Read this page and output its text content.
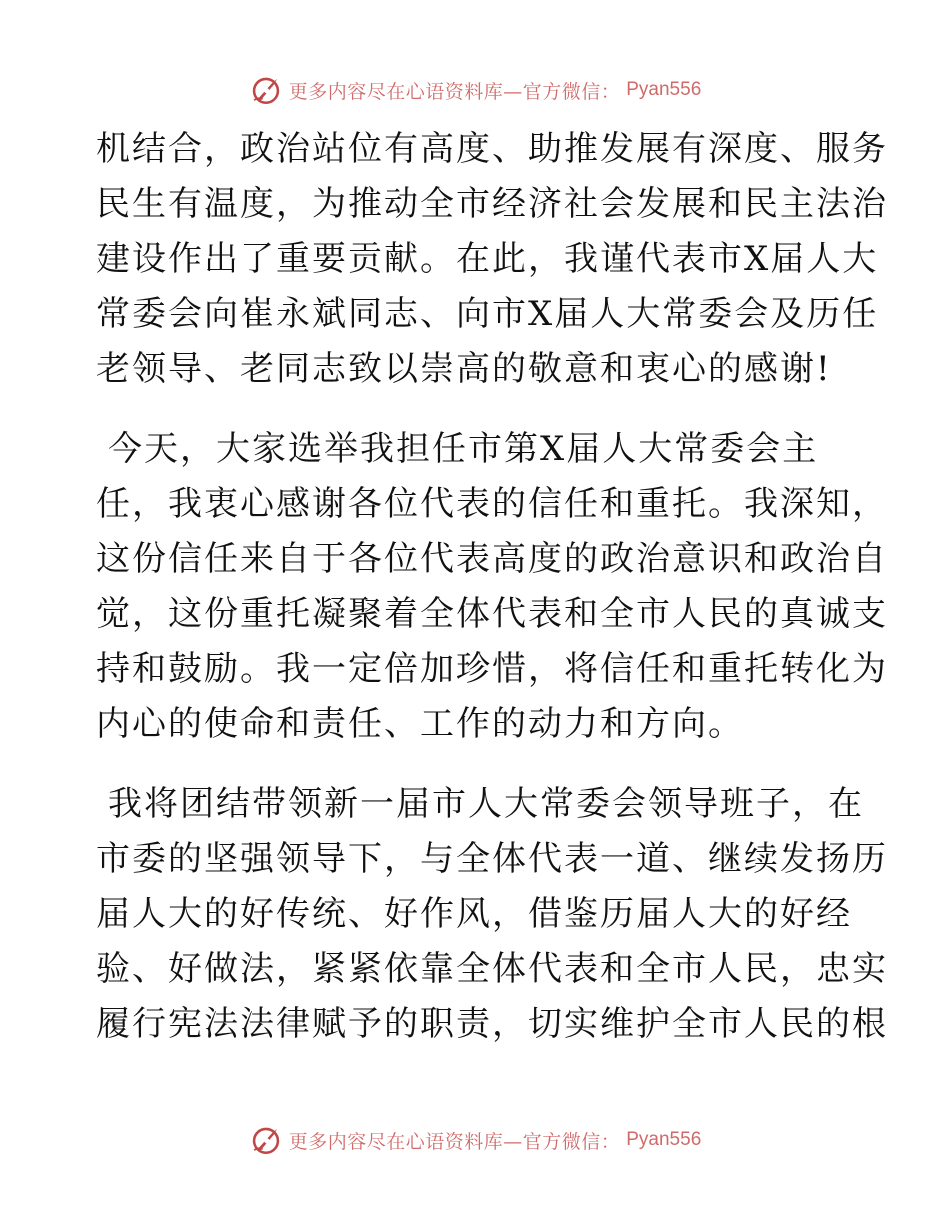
更多内容尽在心语资料库—官方微信： Pyan556
机结合，政治站位有高度、助推发展有深度、服务
民生有温度，为推动全市经济社会发展和民主法治
建设作出了重要贡献。在此，我谨代表市X届人大
常委会向崔永斌同志、向市X届人大常委会及历任
老领导、老同志致以崇高的敬意和衷心的感谢!
今天，大家选举我担任市第X届人大常委会主
任，我衷心感谢各位代表的信任和重托。我深知，
这份信任来自于各位代表高度的政治意识和政治自
觉，这份重托凝聚着全体代表和全市人民的真诚支
持和鼓励。我一定倍加珍惜，将信任和重托转化为
内心的使命和责任、工作的动力和方向。
我将团结带领新一届市人大常委会领导班子，在
市委的坚强领导下，与全体代表一道、继续发扬历
届人大的好传统、好作风，借鉴历届人大的好经
验、好做法，紧紧依靠全体代表和全市人民，忠实
履行宪法法律赋予的职责，切实维护全市人民的根
更多内容尽在心语资料库—官方微信： Pyan556
